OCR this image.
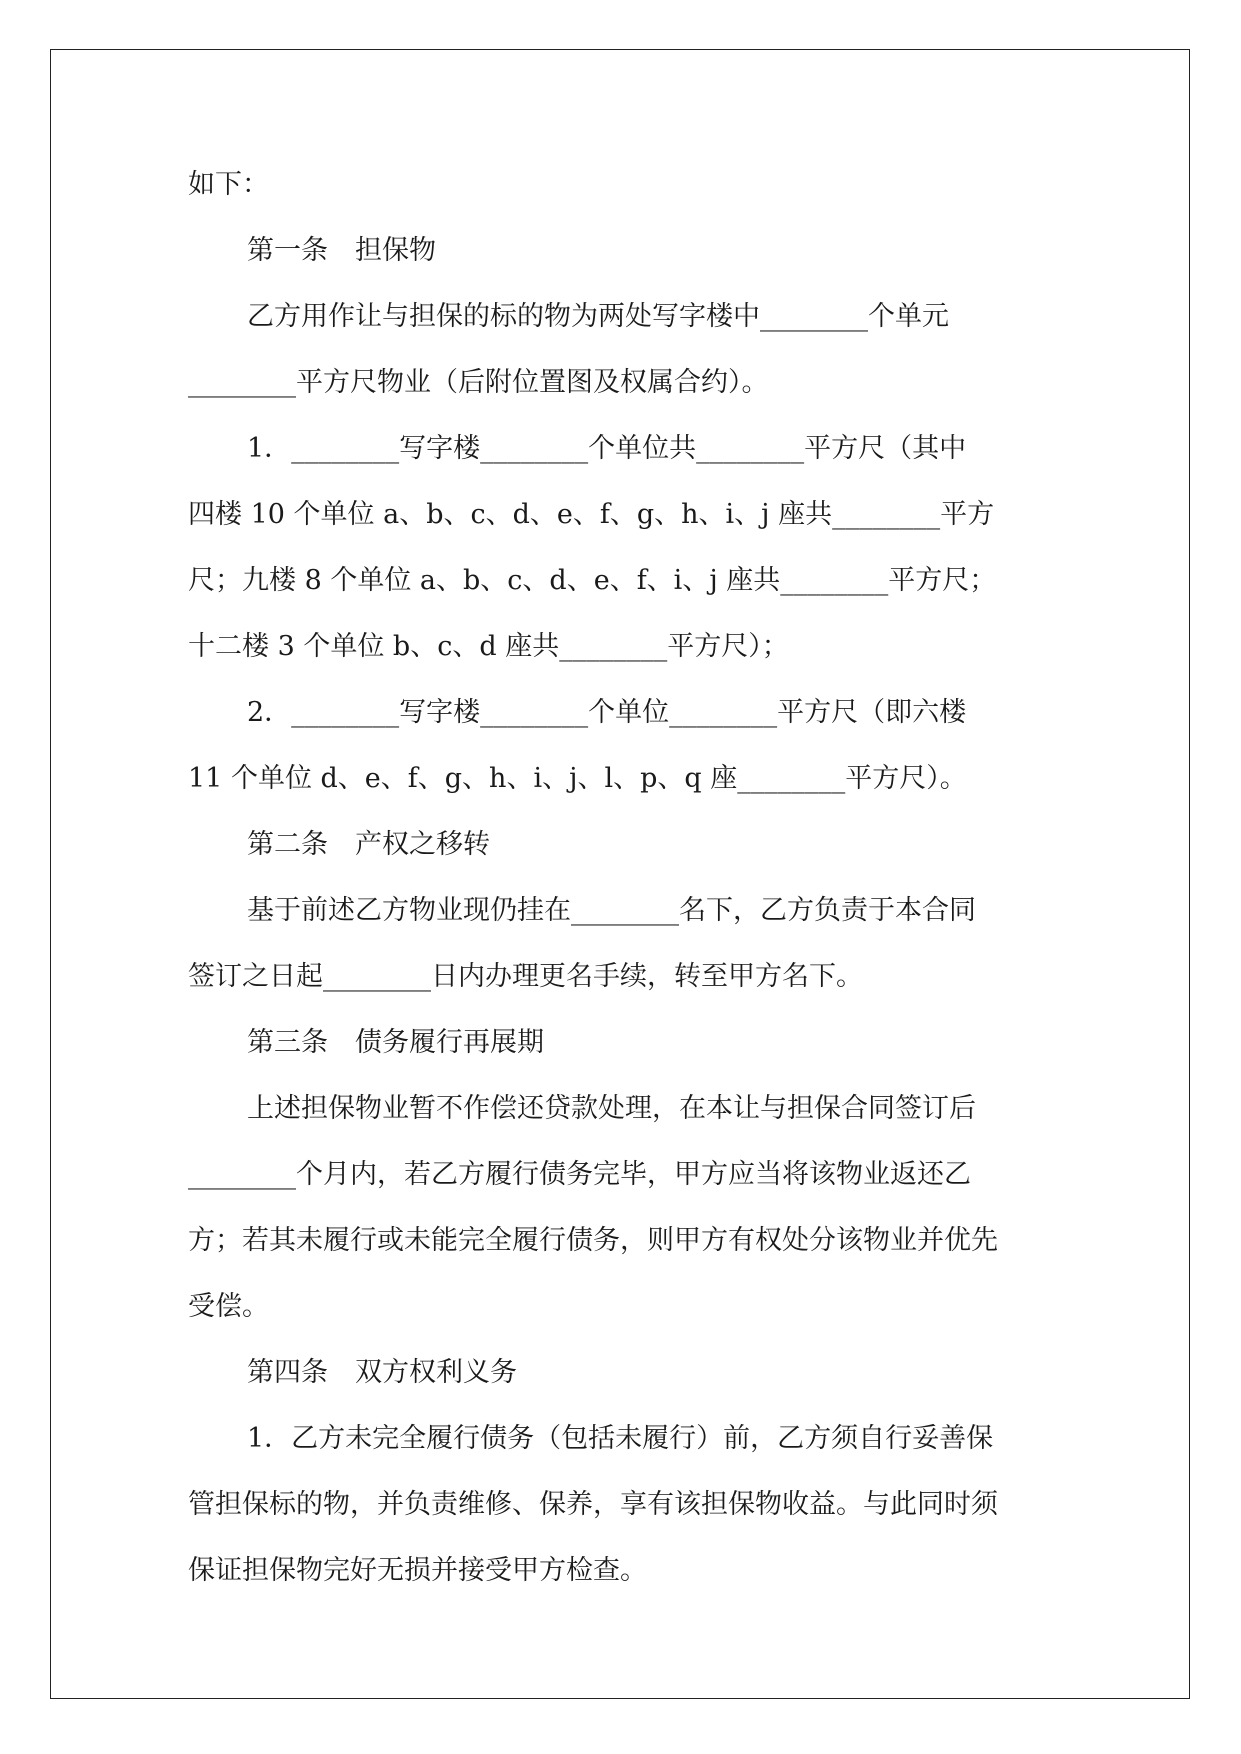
如下：

第一条　担保物

乙方用作让与担保的标的物为两处写字楼中________个单元

________平方尺物业（后附位置图及权属合约）。

1．________写字楼________个单位共________平方尺（其中

四楼 10 个单位 a、b、c、d、e、f、g、h、i、j 座共________平方

尺；九楼 8 个单位 a、b、c、d、e、f、i、j 座共________平方尺；

十二楼 3 个单位 b、c、d 座共________平方尺）；

2．________写字楼________个单位________平方尺（即六楼

11 个单位 d、e、f、g、h、i、j、l、p、q 座________平方尺）。

第二条　产权之移转

基于前述乙方物业现仍挂在________名下，乙方负责于本合同

签订之日起________日内办理更名手续，转至甲方名下。

第三条　债务履行再展期

上述担保物业暂不作偿还贷款处理，在本让与担保合同签订后

________个月内，若乙方履行债务完毕，甲方应当将该物业返还乙

方；若其未履行或未能完全履行债务，则甲方有权处分该物业并优先

受偿。

第四条　双方权利义务

1．乙方未完全履行债务（包括未履行）前，乙方须自行妥善保

管担保标的物，并负责维修、保养，享有该担保物收益。与此同时须

保证担保物完好无损并接受甲方检查。
